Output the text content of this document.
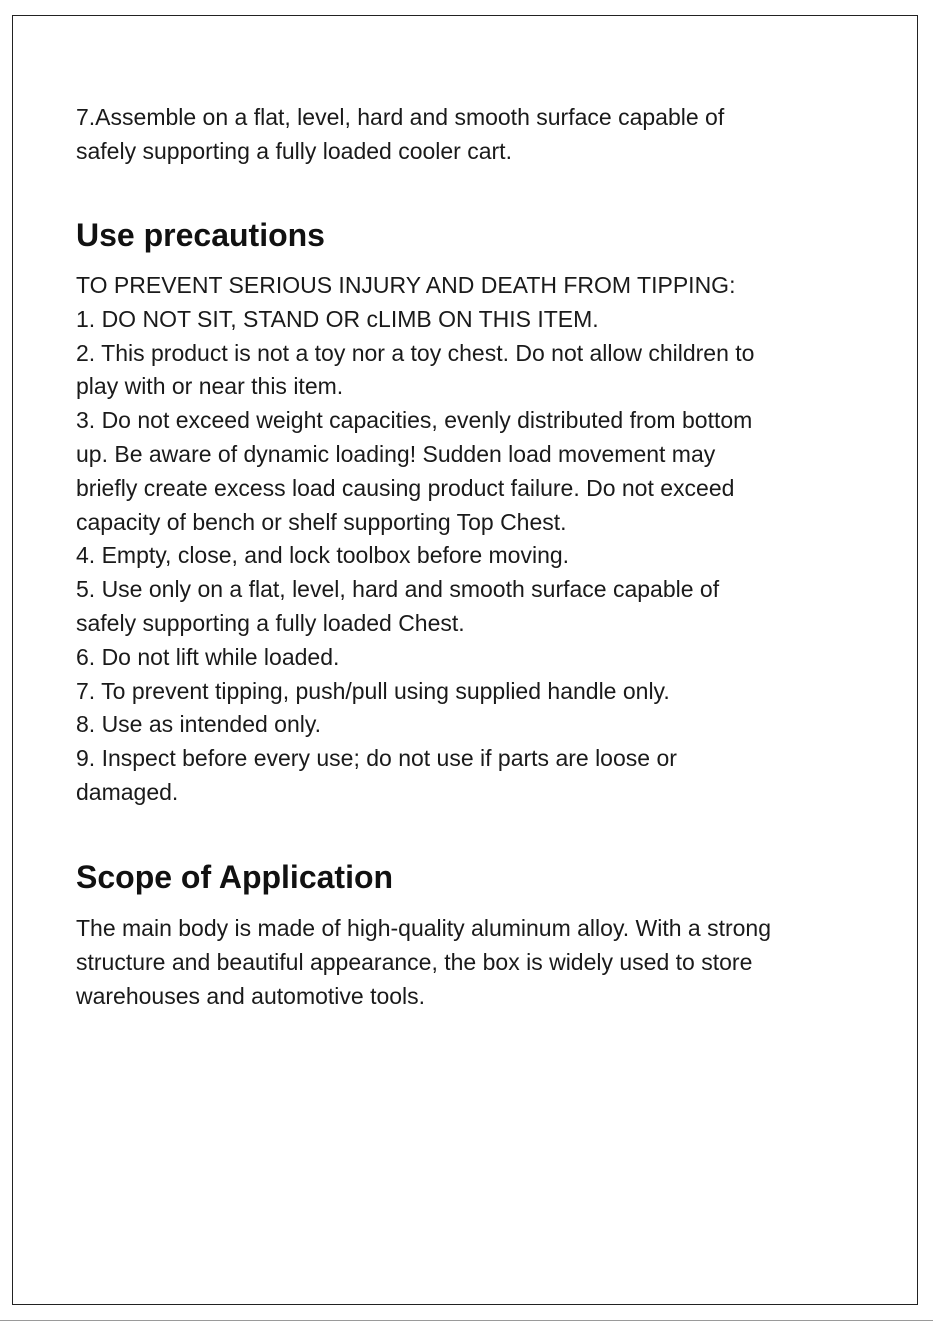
7.Assemble on a flat, level, hard and smooth surface capable of

safely supporting a fully loaded cooler cart.

Use precautions

TO PREVENT SERIOUS INJURY AND DEATH FROM TIPPING:

1. DO NOT SIT, STAND OR cLIMB ON THIS ITEM.

2. This product is not a toy nor a toy chest. Do not allow children to

play with or near this item.

3. Do not exceed weight capacities, evenly distributed from bottom

up. Be aware of dynamic loading! Sudden load movement may

briefly create excess load causing product failure. Do not exceed

capacity of bench or shelf supporting Top Chest.

4. Empty, close, and lock toolbox before moving.

5. Use only on a flat, level, hard and smooth surface capable of

safely supporting a fully loaded Chest.

6. Do not lift while loaded.

7. To prevent tipping, push/pull using supplied handle only.

8. Use as intended only.

9. Inspect before every use; do not use if parts are loose or

damaged.

Scope of Application

The main body is made of high-quality aluminum alloy. With a strong

structure and beautiful appearance, the box is widely used to store

warehouses and automotive tools.
